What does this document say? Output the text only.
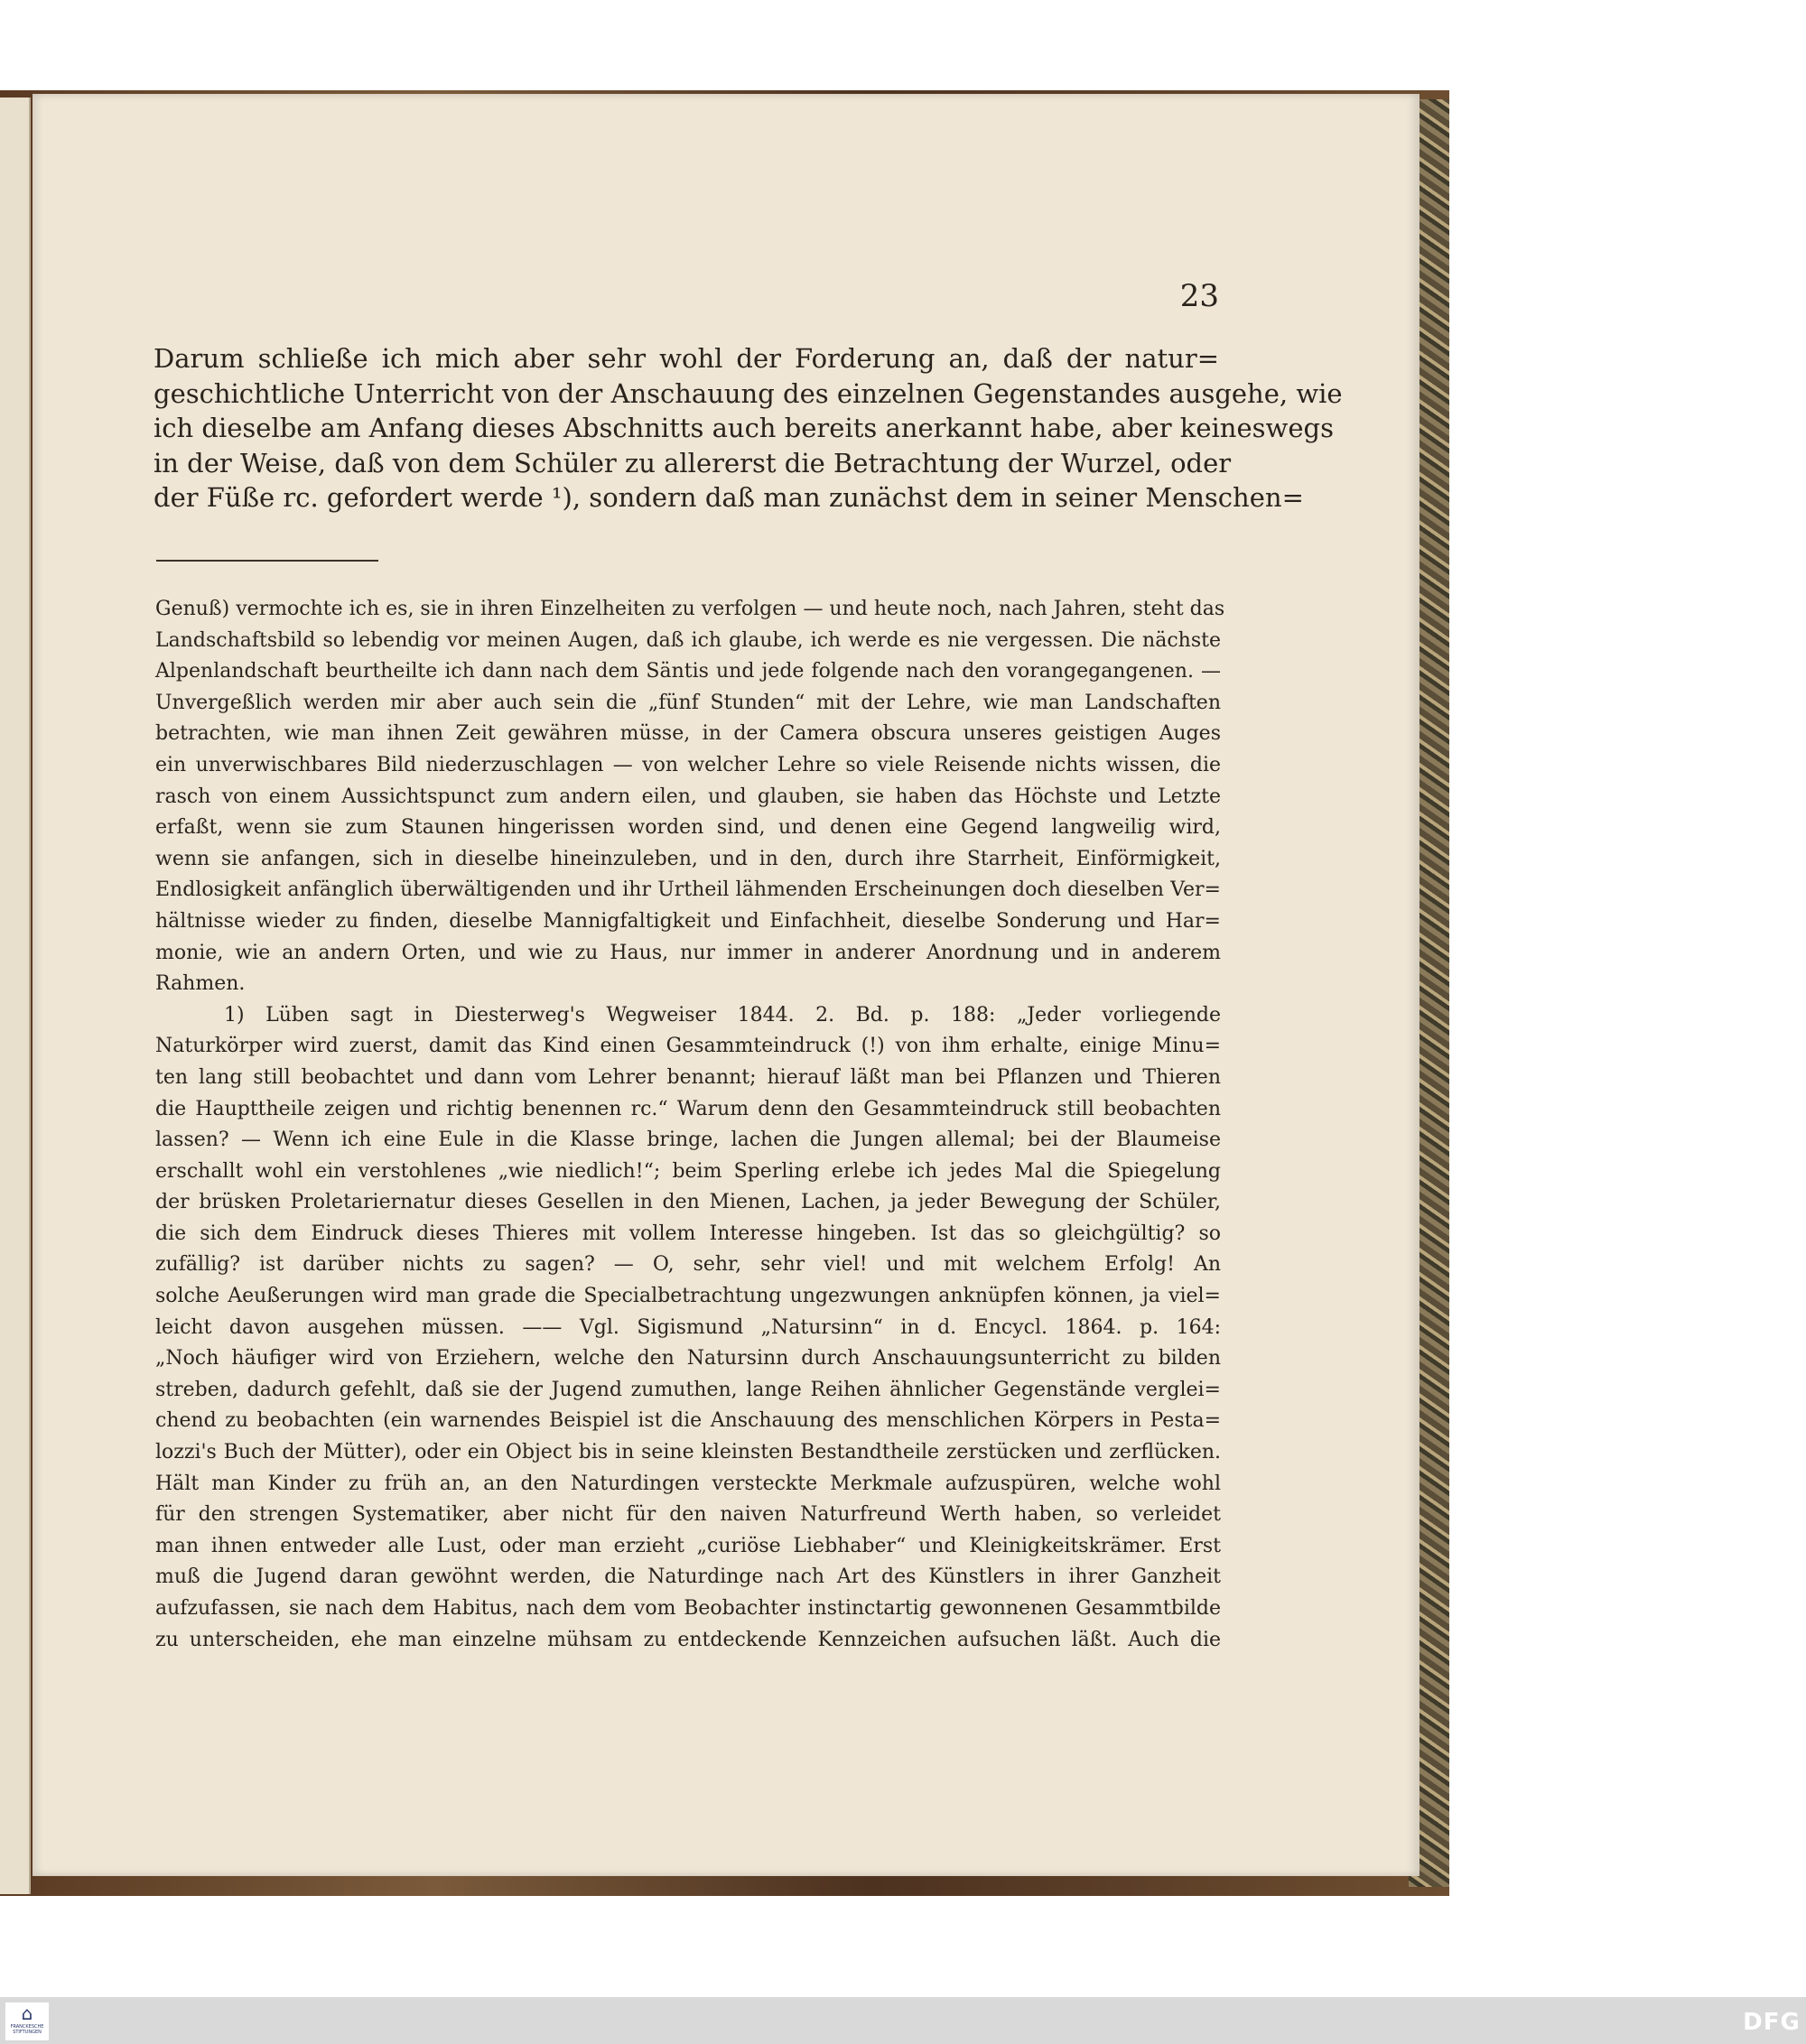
23
Darum schließe ich mich aber sehr wohl der Forderung an, daß der natur=
geschichtliche Unterricht von der Anschauung des einzelnen Gegenstandes ausgehe, wie
ich dieselbe am Anfang dieses Abschnitts auch bereits anerkannt habe, aber keineswegs
in der Weise, daß von dem Schüler zu allererst die Betrachtung der Wurzel, oder
der Füße rc. gefordert werde ¹), sondern daß man zunächst dem in seiner Menschen=
Genuß) vermochte ich es, sie in ihren Einzelheiten zu verfolgen — und heute noch, nach Jahren, steht das
Landschaftsbild so lebendig vor meinen Augen, daß ich glaube, ich werde es nie vergessen. Die nächste
Alpenlandschaft beurtheilte ich dann nach dem Säntis und jede folgende nach den vorangegangenen. —
Unvergeßlich werden mir aber auch sein die „fünf Stunden“ mit der Lehre, wie man Landschaften
betrachten, wie man ihnen Zeit gewähren müsse, in der Camera obscura unseres geistigen Auges
ein unverwischbares Bild niederzuschlagen — von welcher Lehre so viele Reisende nichts wissen, die
rasch von einem Aussichtspunct zum andern eilen, und glauben, sie haben das Höchste und Letzte
erfaßt, wenn sie zum Staunen hingerissen worden sind, und denen eine Gegend langweilig wird,
wenn sie anfangen, sich in dieselbe hineinzuleben, und in den, durch ihre Starrheit, Einförmigkeit,
Endlosigkeit anfänglich überwältigenden und ihr Urtheil lähmenden Erscheinungen doch dieselben Ver=
hältnisse wieder zu finden, dieselbe Mannigfaltigkeit und Einfachheit, dieselbe Sonderung und Har=
monie, wie an andern Orten, und wie zu Haus, nur immer in anderer Anordnung und in anderem
Rahmen.
1) Lüben sagt in Diesterweg's Wegweiser 1844. 2. Bd. p. 188: „Jeder vorliegende
Naturkörper wird zuerst, damit das Kind einen Gesammteindruck (!) von ihm erhalte, einige Minu=
ten lang still beobachtet und dann vom Lehrer benannt; hierauf läßt man bei Pflanzen und Thieren
die Haupttheile zeigen und richtig benennen rc.“ Warum denn den Gesammteindruck still beobachten
lassen? — Wenn ich eine Eule in die Klasse bringe, lachen die Jungen allemal; bei der Blaumeise
erschallt wohl ein verstohlenes „wie niedlich!“; beim Sperling erlebe ich jedes Mal die Spiegelung
der brüsken Proletariernatur dieses Gesellen in den Mienen, Lachen, ja jeder Bewegung der Schüler,
die sich dem Eindruck dieses Thieres mit vollem Interesse hingeben. Ist das so gleichgültig? so
zufällig? ist darüber nichts zu sagen? — O, sehr, sehr viel! und mit welchem Erfolg! An
solche Aeußerungen wird man grade die Specialbetrachtung ungezwungen anknüpfen können, ja viel=
leicht davon ausgehen müssen. —— Vgl. Sigismund „Natursinn“ in d. Encycl. 1864. p. 164:
„Noch häufiger wird von Erziehern, welche den Natursinn durch Anschauungsunterricht zu bilden
streben, dadurch gefehlt, daß sie der Jugend zumuthen, lange Reihen ähnlicher Gegenstände verglei=
chend zu beobachten (ein warnendes Beispiel ist die Anschauung des menschlichen Körpers in Pesta=
lozzi's Buch der Mütter), oder ein Object bis in seine kleinsten Bestandtheile zerstücken und zerflücken.
Hält man Kinder zu früh an, an den Naturdingen versteckte Merkmale aufzuspüren, welche wohl
für den strengen Systematiker, aber nicht für den naiven Naturfreund Werth haben, so verleidet
man ihnen entweder alle Lust, oder man erzieht „curiöse Liebhaber“ und Kleinigkeitskrämer. Erst
muß die Jugend daran gewöhnt werden, die Naturdinge nach Art des Künstlers in ihrer Ganzheit
aufzufassen, sie nach dem Habitus, nach dem vom Beobachter instinctartig gewonnenen Gesammtbilde
zu unterscheiden, ehe man einzelne mühsam zu entdeckende Kennzeichen aufsuchen läßt. Auch die
⌂
FRANCKESCHE STIFTUNGEN	DFG
